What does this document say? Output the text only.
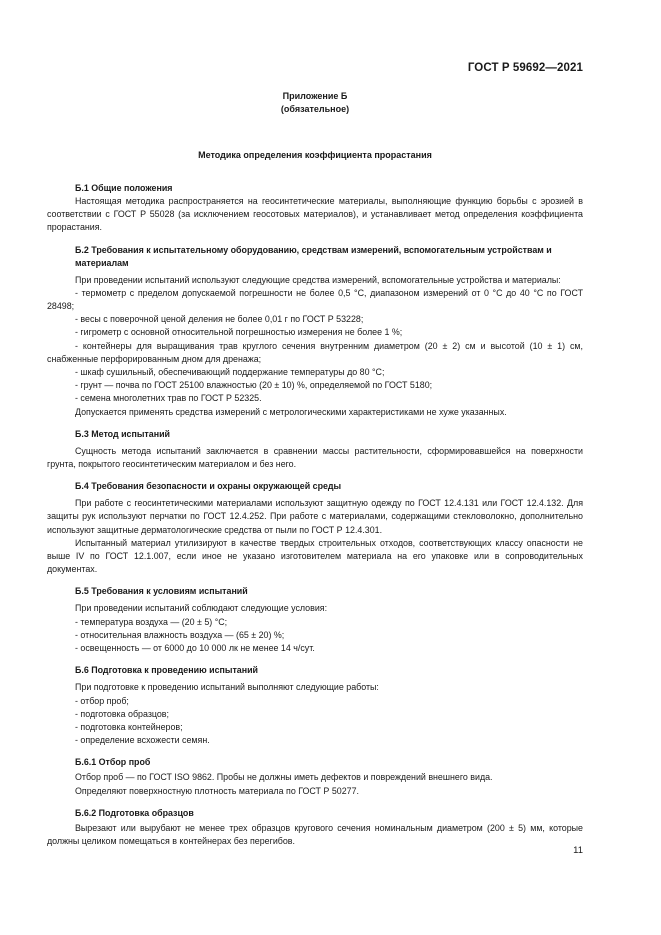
ГОСТ Р 59692—2021
Приложение Б
(обязательное)
Методика определения коэффициента прорастания
Б.1 Общие положения

Настоящая методика распространяется на геосинтетические материалы, выполняющие функцию борьбы с эрозией в соответствии с ГОСТ Р 55028 (за исключением геосотовых материалов), и устанавливает метод определения коэффициента прорастания.

Б.2 Требования к испытательному оборудованию, средствам измерений, вспомогательным устройствам и материалам

При проведении испытаний используют следующие средства измерений, вспомогательные устройства и материалы:

- термометр с пределом допускаемой погрешности не более 0,5 °С, диапазоном измерений от 0 °С до 40 °С по ГОСТ 28498;
- весы с поверочной ценой деления не более 0,01 г по ГОСТ Р 53228;
- гигрометр с основной относительной погрешностью измерения не более 1 %;
- контейнеры для выращивания трав круглого сечения внутренним диаметром (20 ± 2) см и высотой (10 ± 1) см, снабженные перфорированным дном для дренажа;
- шкаф сушильный, обеспечивающий поддержание температуры до 80 °С;
- грунт — почва по ГОСТ 25100 влажностью (20 ± 10) %, определяемой по ГОСТ 5180;
- семена многолетних трав по ГОСТ Р 52325.

Допускается применять средства измерений с метрологическими характеристиками не хуже указанных.

Б.3 Метод испытаний

Сущность метода испытаний заключается в сравнении массы растительности, сформировавшейся на поверхности грунта, покрытого геосинтетическим материалом и без него.

Б.4 Требования безопасности и охраны окружающей среды

При работе с геосинтетическими материалами используют защитную одежду по ГОСТ 12.4.131 или ГОСТ 12.4.132. Для защиты рук используют перчатки по ГОСТ 12.4.252. При работе с материалами, содержащими стекловолокно, дополнительно используют защитные дерматологические средства от пыли по ГОСТ Р 12.4.301.

Испытанный материал утилизируют в качестве твердых строительных отходов, соответствующих классу опасности не выше IV по ГОСТ 12.1.007, если иное не указано изготовителем материала на его упаковке или в сопроводительных документах.

Б.5 Требования к условиям испытаний

При проведении испытаний соблюдают следующие условия:

- температура воздуха — (20 ± 5) °С;
- относительная влажность воздуха — (65 ± 20) %;
- освещенность — от 6000 до 10 000 лк не менее 14 ч/сут.
Б.6 Подготовка к проведению испытаний

При подготовке к проведению испытаний выполняют следующие работы:

- отбор проб;
- подготовка образцов;
- подготовка контейнеров;
- определение всхожести семян.
Б.6.1 Отбор проб

Отбор проб — по ГОСТ ISO 9862. Пробы не должны иметь дефектов и повреждений внешнего вида.

Определяют поверхностную плотность материала по ГОСТ Р 50277.

Б.6.2 Подготовка образцов

Вырезают или вырубают не менее трех образцов кругового сечения номинальным диаметром (200 ± 5) мм, которые должны целиком помещаться в контейнерах без перегибов.

11
